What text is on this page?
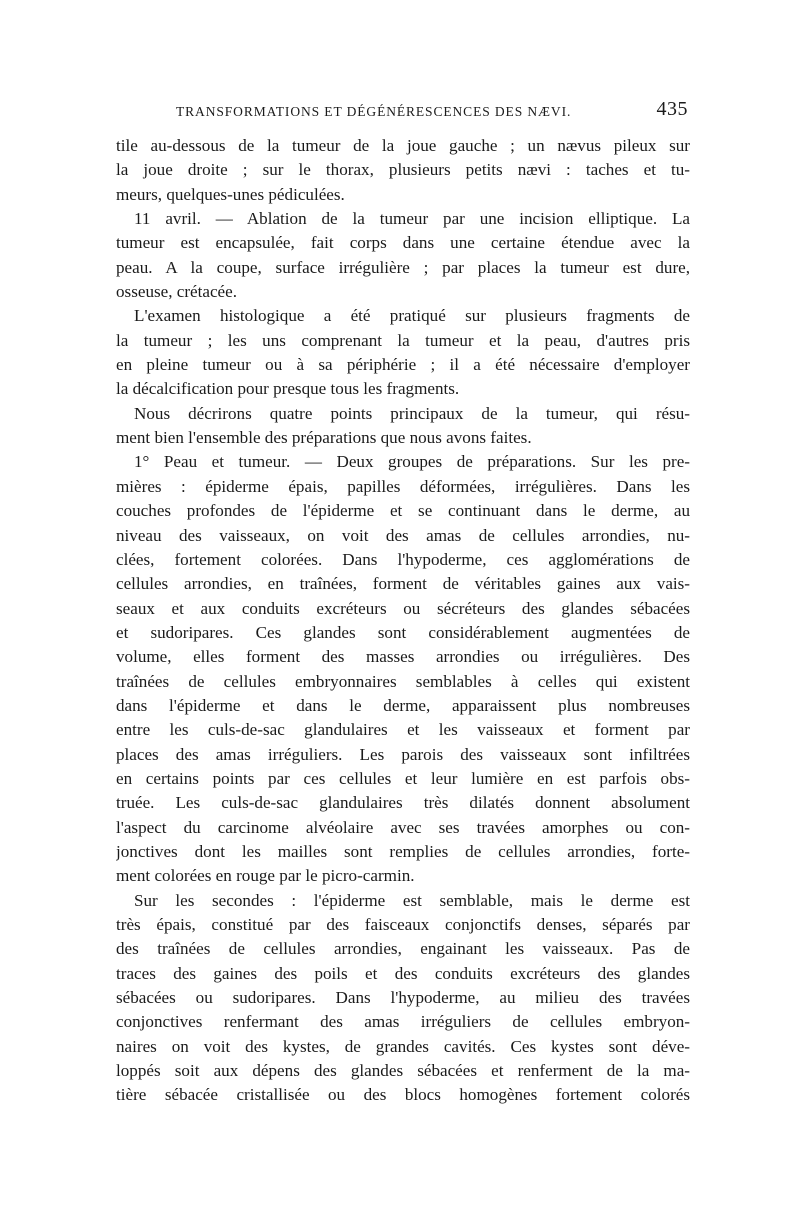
TRANSFORMATIONS ET DÉGÉNÉRESCENCES DES NÆVI.	435
tile au-dessous de la tumeur de la joue gauche ; un nævus pileux sur
la joue droite ; sur le thorax, plusieurs petits nævi : taches et tu-
meurs, quelques-unes pédiculées.
11 avril. — Ablation de la tumeur par une incision elliptique. La
tumeur est encapsulée, fait corps dans une certaine étendue avec la
peau. A la coupe, surface irrégulière ; par places la tumeur est dure,
osseuse, crétacée.
L'examen histologique a été pratiqué sur plusieurs fragments de
la tumeur ; les uns comprenant la tumeur et la peau, d'autres pris
en pleine tumeur ou à sa périphérie ; il a été nécessaire d'employer
la décalcification pour presque tous les fragments.
Nous décrirons quatre points principaux de la tumeur, qui résu-
ment bien l'ensemble des préparations que nous avons faites.
1° Peau et tumeur. — Deux groupes de préparations. Sur les pre-
mières : épiderme épais, papilles déformées, irrégulières. Dans les
couches profondes de l'épiderme et se continuant dans le derme, au
niveau des vaisseaux, on voit des amas de cellules arrondies, nu-
clées, fortement colorées. Dans l'hypoderme, ces agglomérations de
cellules arrondies, en traînées, forment de véritables gaines aux vais-
seaux et aux conduits excréteurs ou sécréteurs des glandes sébacées
et sudoripares. Ces glandes sont considérablement augmentées de
volume, elles forment des masses arrondies ou irrégulières. Des
traînées de cellules embryonnaires semblables à celles qui existent
dans l'épiderme et dans le derme, apparaissent plus nombreuses
entre les culs-de-sac glandulaires et les vaisseaux et forment par
places des amas irréguliers. Les parois des vaisseaux sont infiltrées
en certains points par ces cellules et leur lumière en est parfois obs-
truée. Les culs-de-sac glandulaires très dilatés donnent absolument
l'aspect du carcinome alvéolaire avec ses travées amorphes ou con-
jonctives dont les mailles sont remplies de cellules arrondies, forte-
ment colorées en rouge par le picro-carmin.
Sur les secondes : l'épiderme est semblable, mais le derme est
très épais, constitué par des faisceaux conjonctifs denses, séparés par
des traînées de cellules arrondies, engainant les vaisseaux. Pas de
traces des gaines des poils et des conduits excréteurs des glandes
sébacées ou sudoripares. Dans l'hypoderme, au milieu des travées
conjonctives renfermant des amas irréguliers de cellules embryon-
naires on voit des kystes, de grandes cavités. Ces kystes sont déve-
loppés soit aux dépens des glandes sébacées et renferment de la ma-
tière sébacée cristallisée ou des blocs homogènes fortement colorés
